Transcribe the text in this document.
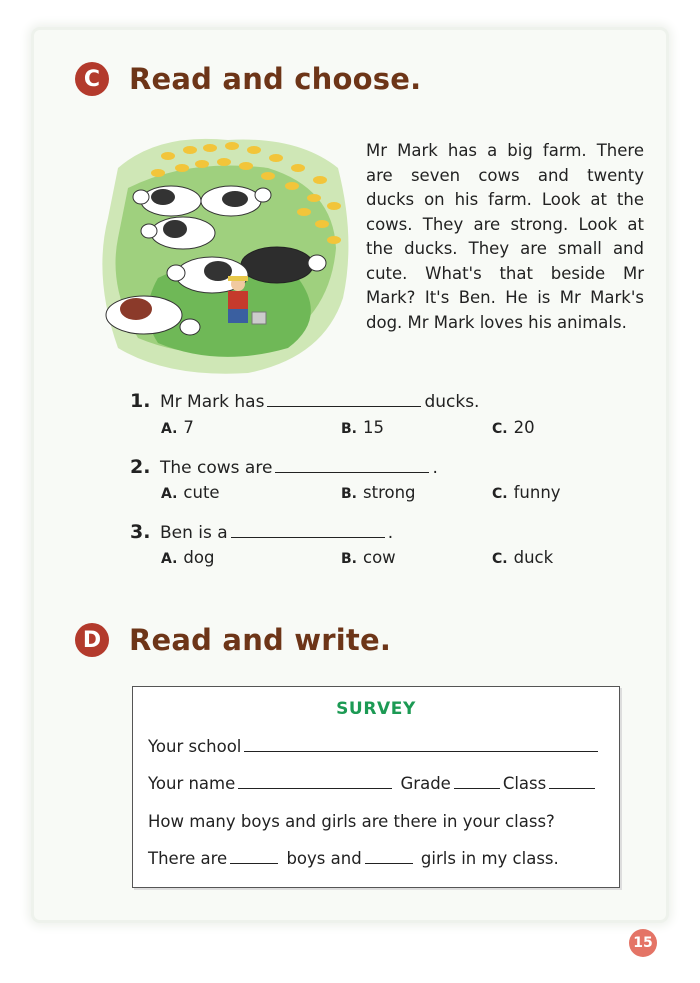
C Read and choose.
Mr Mark has a big farm. There are seven cows and twenty ducks on his farm. Look at the cows. They are strong. Look at the ducks. They are small and cute. What's that beside Mr Mark? It's Ben. He is Mr Mark's dog. Mr Mark loves his animals.
1. Mr Mark has	ducks.
A. 7	B. 15	C. 20
2. The cows are	.
A. cute	B. strong	C. funny
3. Ben is a	.
A. dog	B. cow	C. duck
D Read and write.
SURVEY
Your school
Your name	Grade	Class
How many boys and girls are there in your class?
There are	boys and	girls in my class.
15
